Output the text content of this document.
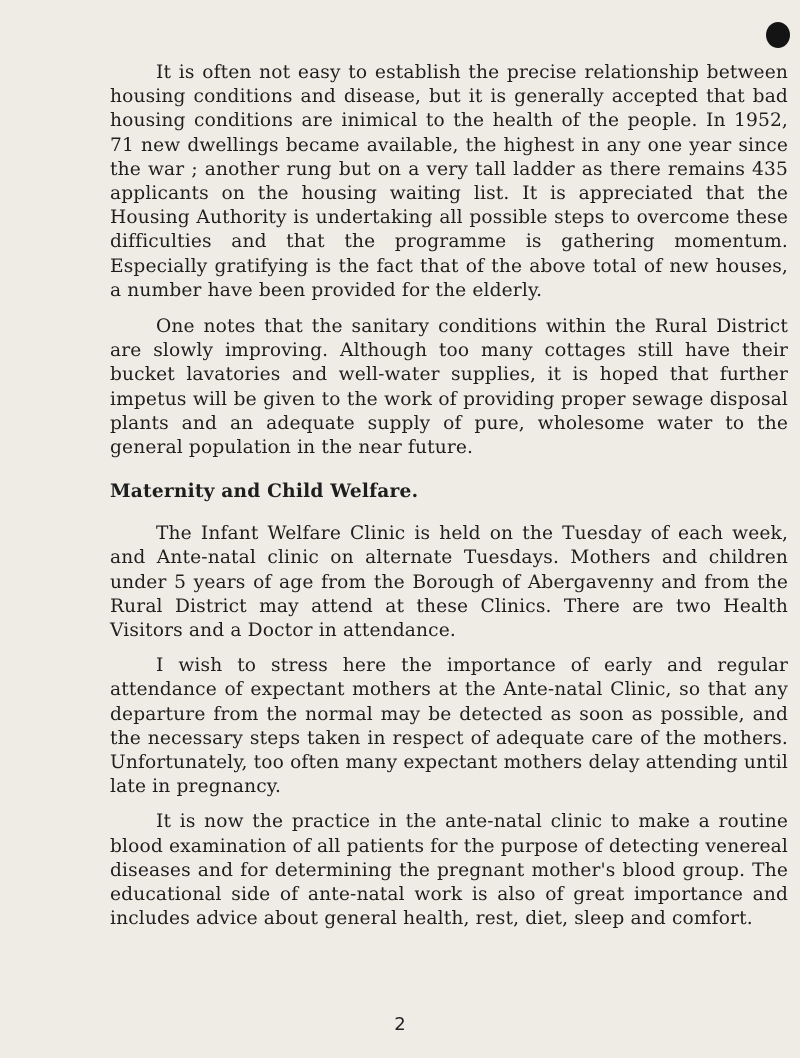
It is often not easy to establish the precise relationship between housing conditions and disease, but it is generally accepted that bad housing conditions are inimical to the health of the people. In 1952, 71 new dwellings became available, the highest in any one year since the war ; another rung but on a very tall ladder as there remains 435 applicants on the housing waiting list. It is appreciated that the Housing Authority is undertaking all possible steps to overcome these difficulties and that the programme is gathering momentum. Especially gratifying is the fact that of the above total of new houses, a number have been provided for the elderly.

One notes that the sanitary conditions within the Rural District are slowly improving. Although too many cottages still have their bucket lavatories and well-water supplies, it is hoped that further impetus will be given to the work of providing proper sewage disposal plants and an adequate supply of pure, wholesome water to the general population in the near future.

Maternity and Child Welfare.

The Infant Welfare Clinic is held on the Tuesday of each week, and Ante-natal clinic on alternate Tuesdays. Mothers and children under 5 years of age from the Borough of Abergavenny and from the Rural District may attend at these Clinics. There are two Health Visitors and a Doctor in attendance.

I wish to stress here the importance of early and regular attendance of expectant mothers at the Ante-natal Clinic, so that any departure from the normal may be detected as soon as possible, and the necessary steps taken in respect of adequate care of the mothers. Unfortunately, too often many expectant mothers delay attending until late in pregnancy.

It is now the practice in the ante-natal clinic to make a routine blood examination of all patients for the purpose of detecting venereal diseases and for determining the pregnant mother's blood group. The educational side of ante-natal work is also of great importance and includes advice about general health, rest, diet, sleep and comfort.

2
